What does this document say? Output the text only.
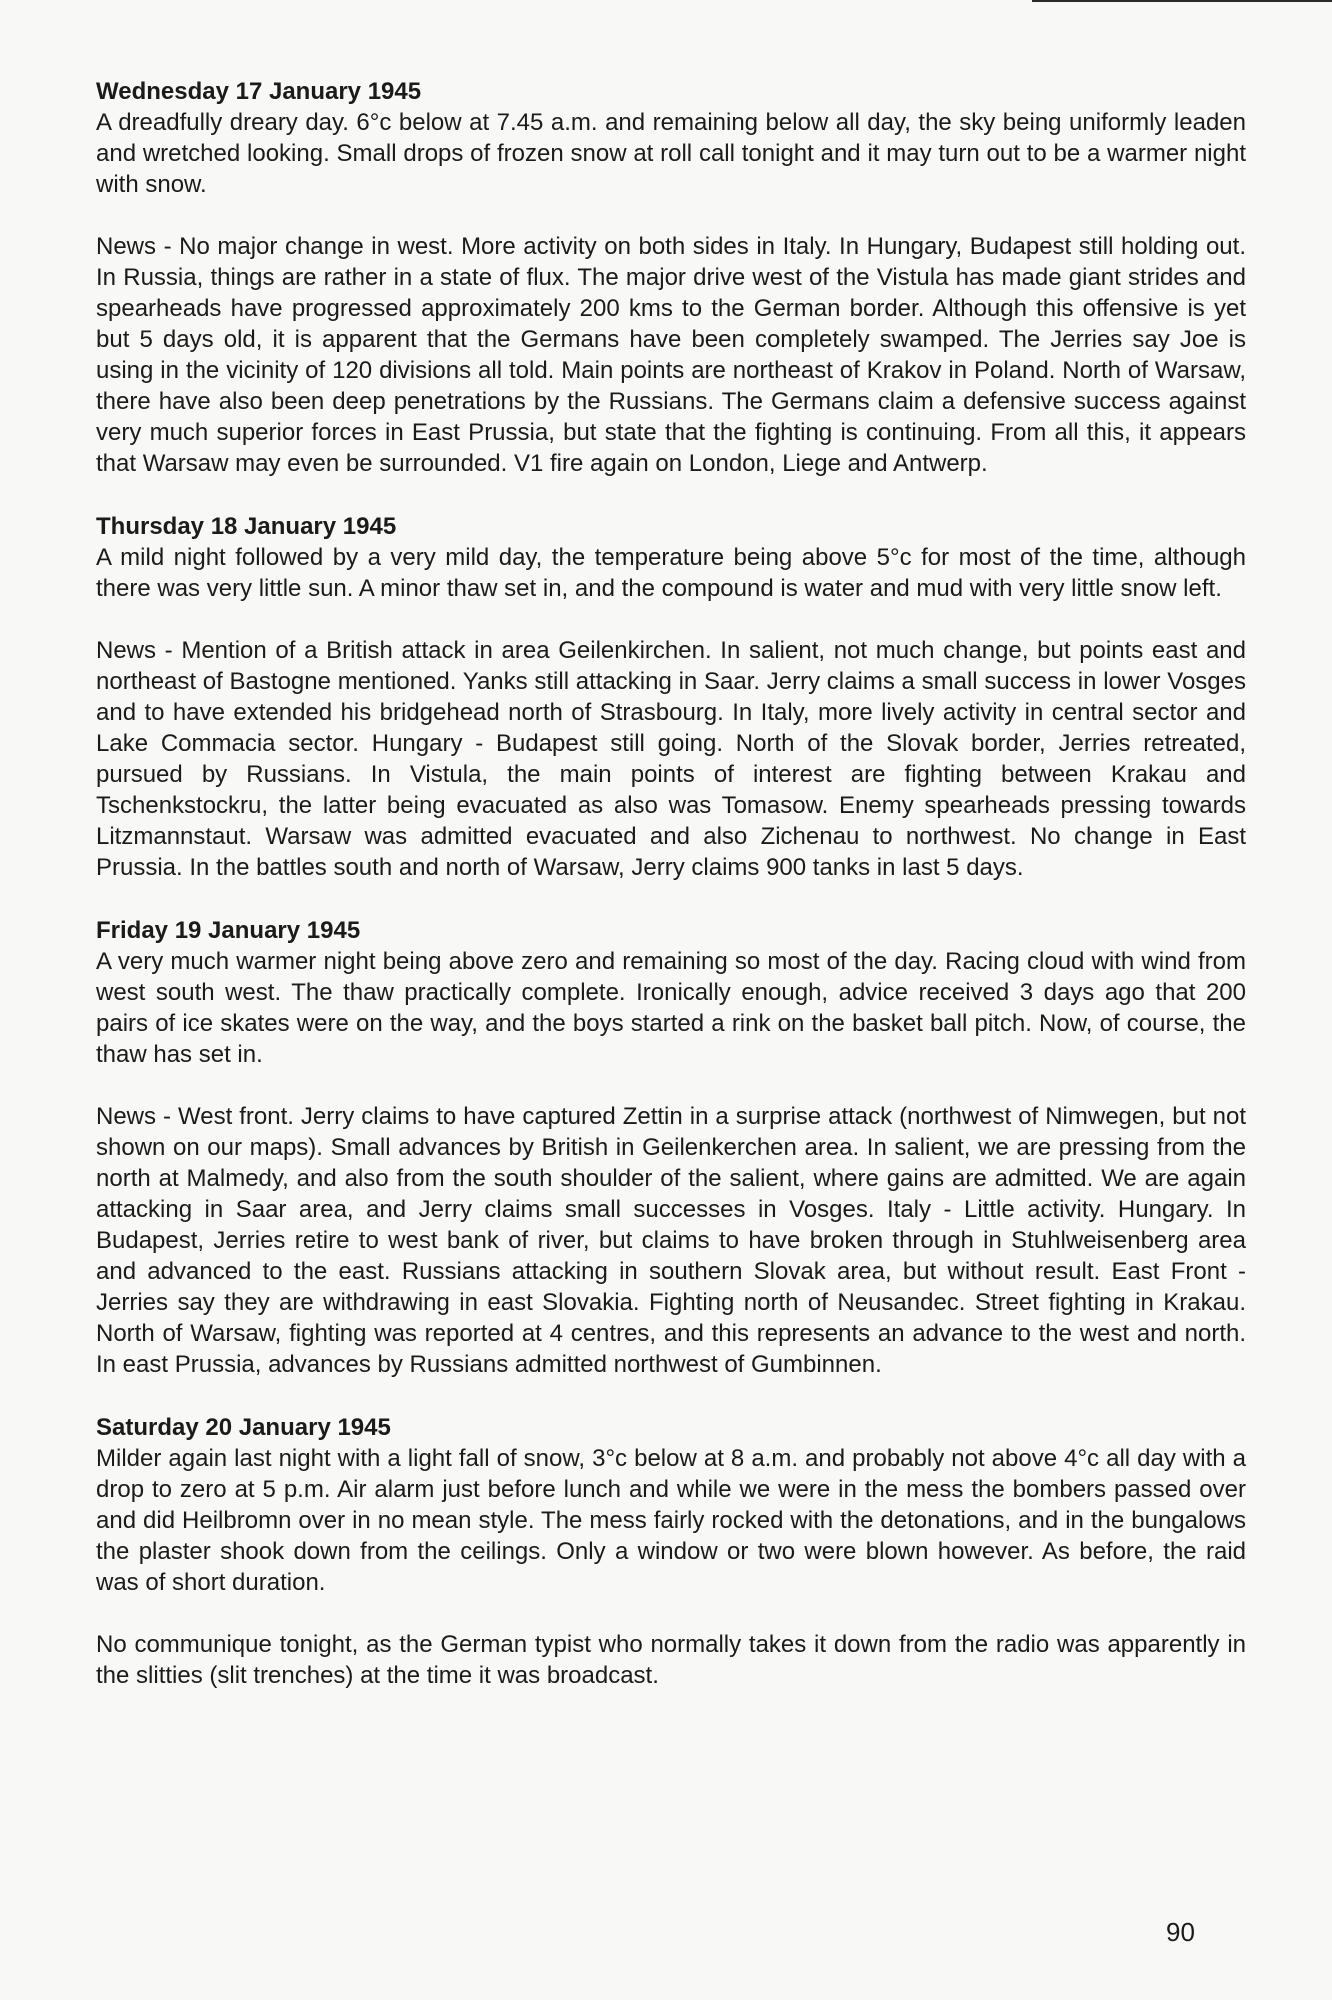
Wednesday 17 January 1945

A dreadfully dreary day. 6°c below at 7.45 a.m. and remaining below all day, the sky being uniformly leaden and wretched looking. Small drops of frozen snow at roll call tonight and it may turn out to be a warmer night with snow.

News - No major change in west. More activity on both sides in Italy. In Hungary, Budapest still holding out. In Russia, things are rather in a state of flux. The major drive west of the Vistula has made giant strides and spearheads have progressed approximately 200 kms to the German border. Although this offensive is yet but 5 days old, it is apparent that the Germans have been completely swamped. The Jerries say Joe is using in the vicinity of 120 divisions all told. Main points are northeast of Krakov in Poland. North of Warsaw, there have also been deep penetrations by the Russians. The Germans claim a defensive success against very much superior forces in East Prussia, but state that the fighting is continuing. From all this, it appears that Warsaw may even be surrounded. V1 fire again on London, Liege and Antwerp.

Thursday 18 January 1945

A mild night followed by a very mild day, the temperature being above 5°c for most of the time, although there was very little sun. A minor thaw set in, and the compound is water and mud with very little snow left.

News - Mention of a British attack in area Geilenkirchen. In salient, not much change, but points east and northeast of Bastogne mentioned. Yanks still attacking in Saar. Jerry claims a small success in lower Vosges and to have extended his bridgehead north of Strasbourg. In Italy, more lively activity in central sector and Lake Commacia sector. Hungary - Budapest still going. North of the Slovak border, Jerries retreated, pursued by Russians. In Vistula, the main points of interest are fighting between Krakau and Tschenkstockru, the latter being evacuated as also was Tomasow. Enemy spearheads pressing towards Litzmannstaut. Warsaw was admitted evacuated and also Zichenau to northwest. No change in East Prussia. In the battles south and north of Warsaw, Jerry claims 900 tanks in last 5 days.

Friday 19 January 1945

A very much warmer night being above zero and remaining so most of the day. Racing cloud with wind from west south west. The thaw practically complete. Ironically enough, advice received 3 days ago that 200 pairs of ice skates were on the way, and the boys started a rink on the basket ball pitch. Now, of course, the thaw has set in.

News - West front. Jerry claims to have captured Zettin in a surprise attack (northwest of Nimwegen, but not shown on our maps). Small advances by British in Geilenkerchen area. In salient, we are pressing from the north at Malmedy, and also from the south shoulder of the salient, where gains are admitted. We are again attacking in Saar area, and Jerry claims small successes in Vosges. Italy - Little activity. Hungary. In Budapest, Jerries retire to west bank of river, but claims to have broken through in Stuhlweisenberg area and advanced to the east. Russians attacking in southern Slovak area, but without result. East Front - Jerries say they are withdrawing in east Slovakia. Fighting north of Neusandec. Street fighting in Krakau. North of Warsaw, fighting was reported at 4 centres, and this represents an advance to the west and north. In east Prussia, advances by Russians admitted northwest of Gumbinnen.

Saturday 20 January 1945

Milder again last night with a light fall of snow, 3°c below at 8 a.m. and probably not above 4°c all day with a drop to zero at 5 p.m. Air alarm just before lunch and while we were in the mess the bombers passed over and did Heilbromn over in no mean style. The mess fairly rocked with the detonations, and in the bungalows the plaster shook down from the ceilings. Only a window or two were blown however. As before, the raid was of short duration.

No communique tonight, as the German typist who normally takes it down from the radio was apparently in the slitties (slit trenches) at the time it was broadcast.

90
